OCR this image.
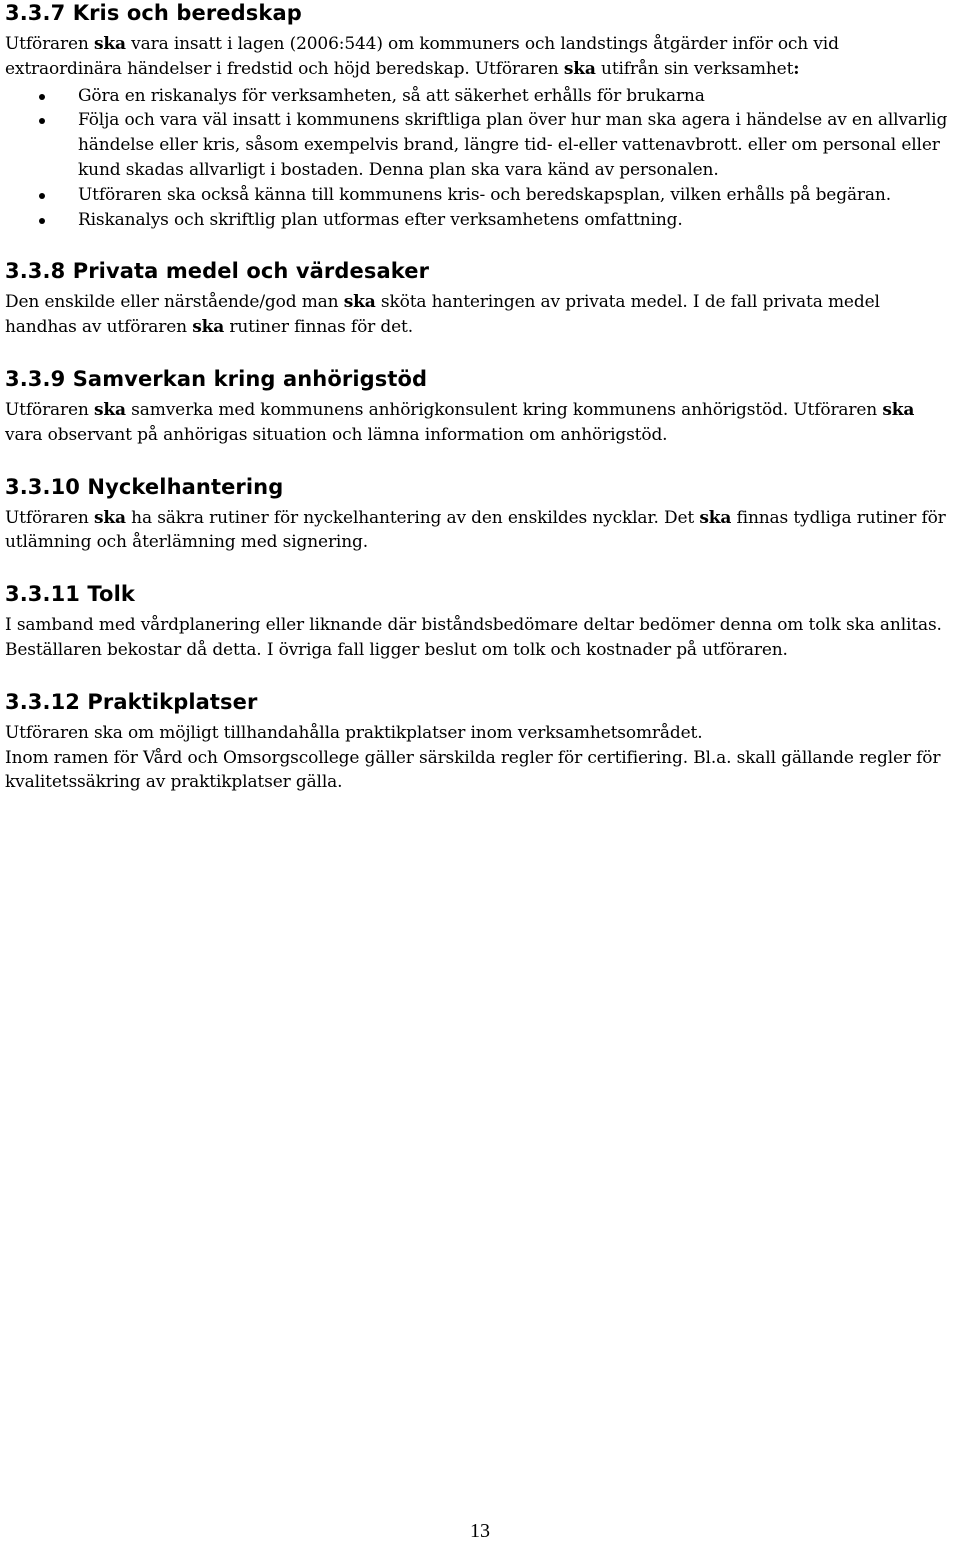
3.3.7 Kris och beredskap

Utföraren ska vara insatt i lagen (2006:544) om kommuners och landstings åtgärder inför och vid extraordinära händelser i fredstid och höjd beredskap. Utföraren ska utifrån sin verksamhet:

Göra en riskanalys för verksamheten, så att säkerhet erhålls för brukarna
Följa och vara väl insatt i kommunens skriftliga plan över hur man ska agera i händelse av en allvarlig händelse eller kris, såsom exempelvis brand, längre tid- el-eller vattenavbrott. eller om personal eller kund skadas allvarligt i bostaden. Denna plan ska vara känd av personalen.
Utföraren ska också känna till kommunens kris- och beredskapsplan, vilken erhålls på begäran.
Riskanalys och skriftlig plan utformas efter verksamhetens omfattning.
3.3.8 Privata medel och värdesaker

Den enskilde eller närstående/god man ska sköta hanteringen av privata medel. I de fall privata medel handhas av utföraren ska rutiner finnas för det.

3.3.9 Samverkan kring anhörigstöd

Utföraren ska samverka med kommunens anhörigkonsulent kring kommunens anhörigstöd. Utföraren ska vara observant på anhörigas situation och lämna information om anhörigstöd.

3.3.10 Nyckelhantering

Utföraren ska ha säkra rutiner för nyckelhantering av den enskildes nycklar. Det ska finnas tydliga rutiner för utlämning och återlämning med signering.

3.3.11 Tolk

I samband med vårdplanering eller liknande där biståndsbedömare deltar bedömer denna om tolk ska anlitas. Beställaren bekostar då detta. I övriga fall ligger beslut om tolk och kostnader på utföraren.

3.3.12 Praktikplatser

Utföraren ska om möjligt tillhandahålla praktikplatser inom verksamhetsområdet.
Inom ramen för Vård och Omsorgscollege gäller särskilda regler för certifiering. Bl.a. skall gällande regler för kvalitetssäkring av praktikplatser gälla.

13
